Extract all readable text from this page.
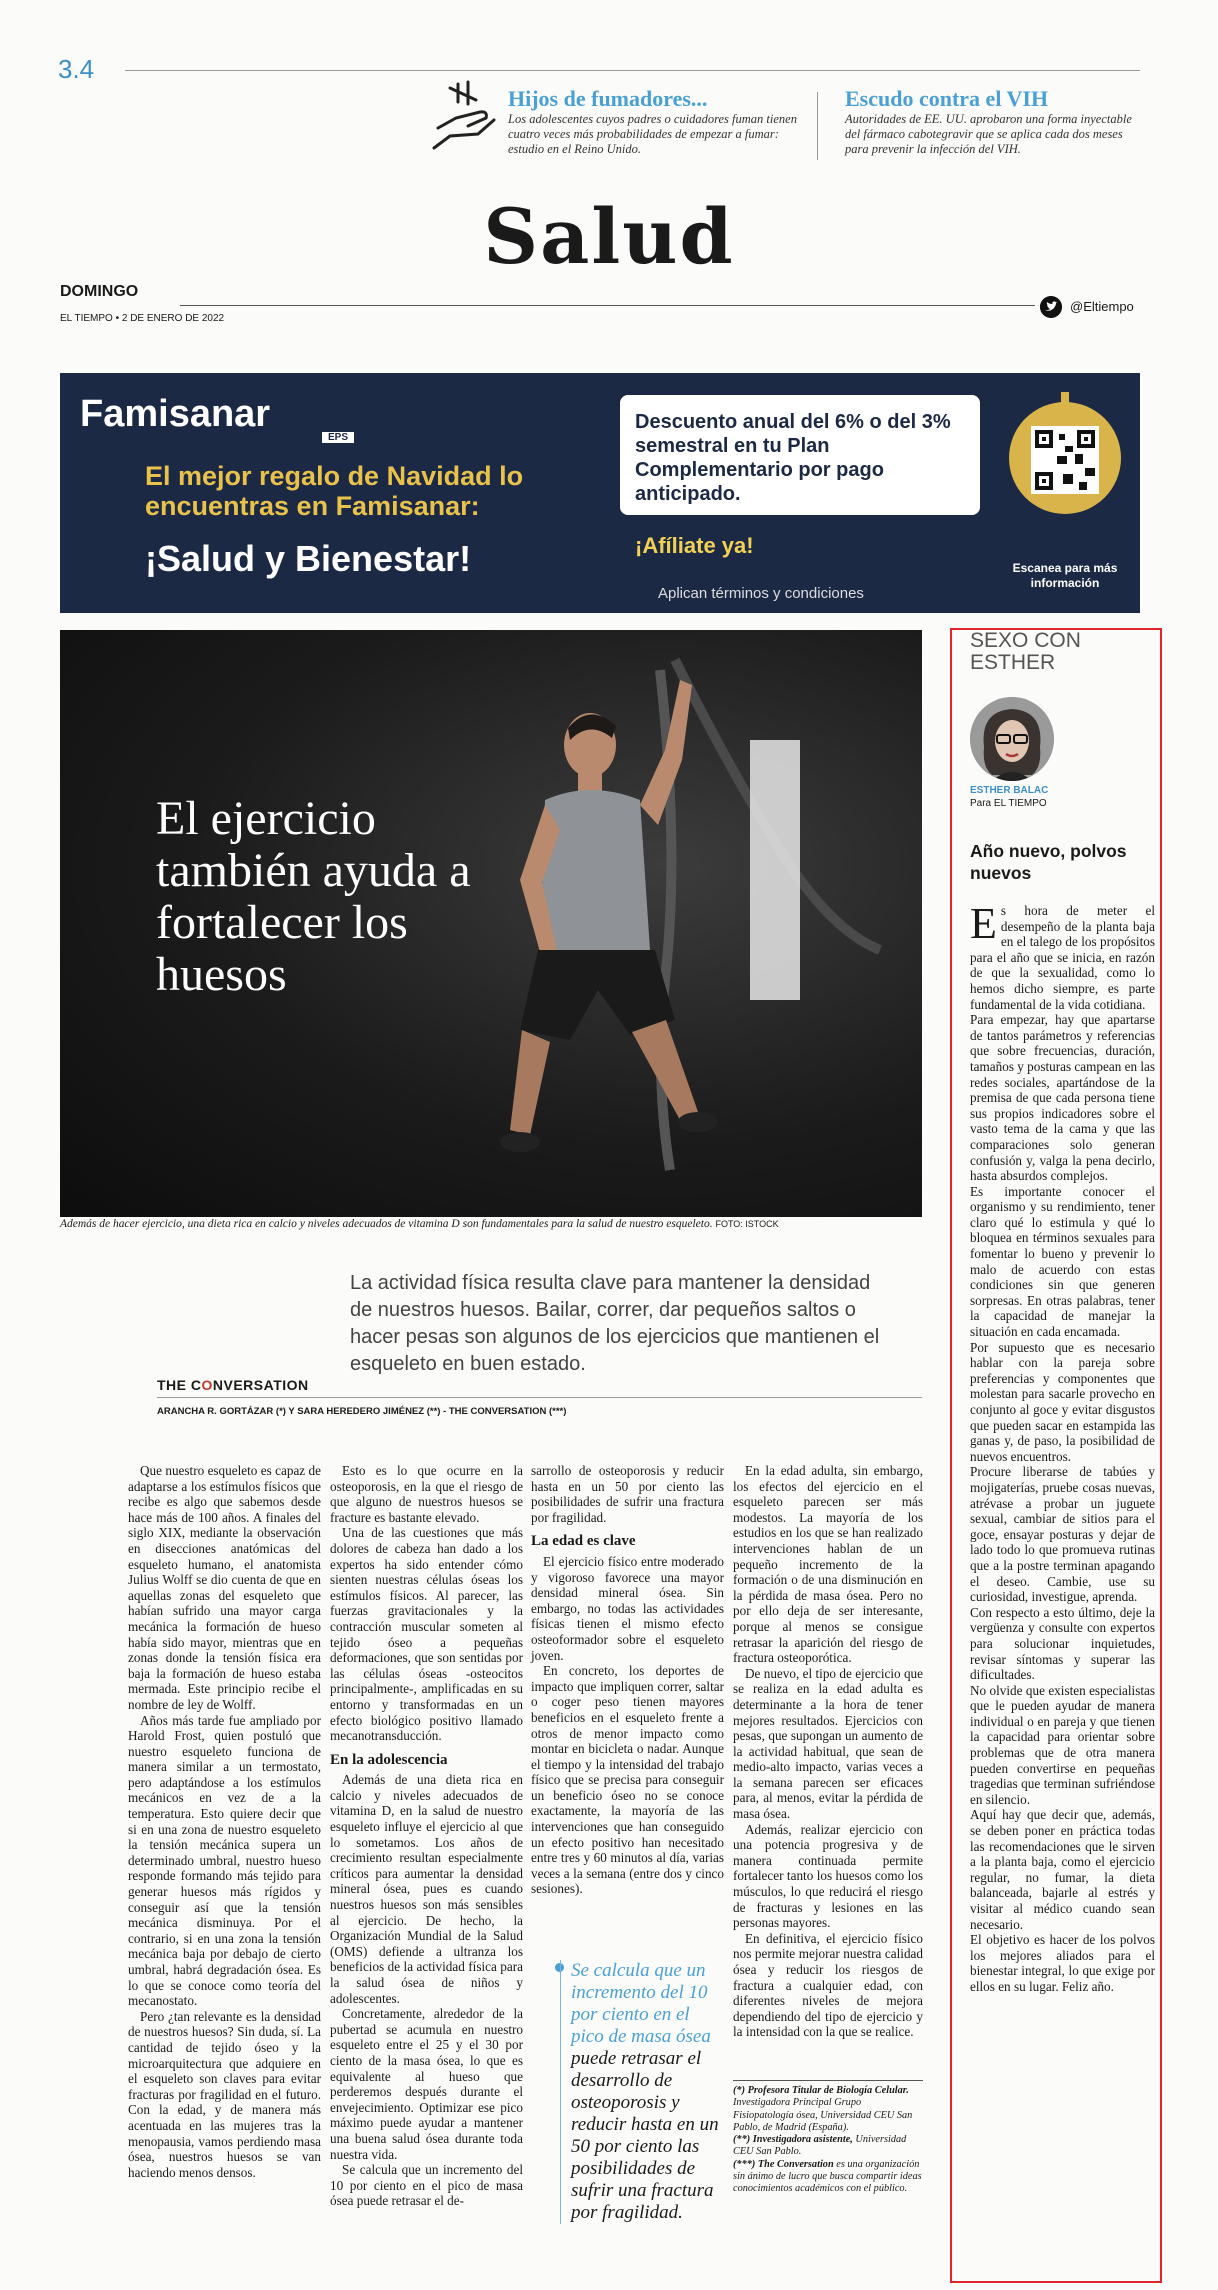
3.4
Hijos de fumadores...
Los adolescentes cuyos padres o cuidadores fuman tienen cuatro veces más probabilidades de empezar a fumar: estudio en el Reino Unido.
Escudo contra el VIH
Autoridades de EE. UU. aprobaron una forma inyectable del fármaco cabotegravir que se aplica cada dos meses para prevenir la infección del VIH.
Salud
DOMINGO
EL TIEMPO • 2 DE ENERO DE 2022
@Eltiempo
Famisanar
EPS
El mejor regalo de Navidad lo encuentras en Famisanar:
¡Salud y Bienestar!
Descuento anual del 6% o del 3% semestral en tu Plan Complementario por pago anticipado.
¡Afíliate ya!
Aplican términos y condiciones
Escanea para más información
El ejercicio también ayuda a fortalecer los huesos
Además de hacer ejercicio, una dieta rica en calcio y niveles adecuados de vitamina D son fundamentales para la salud de nuestro esqueleto. FOTO: ISTOCK
La actividad física resulta clave para mantener la densidad de nuestros huesos. Bailar, correr, dar pequeños saltos o hacer pesas son algunos de los ejercicios que mantienen el esqueleto en buen estado.
THE CONVERSATION
ARANCHA R. GORTÁZAR (*) Y SARA HEREDERO JIMÉNEZ (**) - THE CONVERSATION (***)

Que nuestro esqueleto es capaz de adaptarse a los estímulos físicos que recibe es algo que sabemos desde hace más de 100 años. A finales del siglo XIX, mediante la observación en disecciones anatómicas del esqueleto humano, el anatomista Julius Wolff se dio cuenta de que en aquellas zonas del esqueleto que habían sufrido una mayor carga mecánica la formación de hueso había sido mayor, mientras que en zonas donde la tensión física era baja la formación de hueso estaba mermada. Este principio recibe el nombre de ley de Wolff.

Años más tarde fue ampliado por Harold Frost, quien postuló que nuestro esqueleto funciona de manera similar a un termostato, pero adaptándose a los estímulos mecánicos en vez de a la temperatura. Esto quiere decir que si en una zona de nuestro esqueleto la tensión mecánica supera un determinado umbral, nuestro hueso responde formando más tejido para generar huesos más rígidos y conseguir así que la tensión mecánica disminuya. Por el contrario, si en una zona la tensión mecánica baja por debajo de cierto umbral, habrá degradación ósea. Es lo que se conoce como teoría del mecanostato.

Pero ¿tan relevante es la densidad de nuestros huesos? Sin duda, sí. La cantidad de tejido óseo y la microarquitectura que adquiere en el esqueleto son claves para evitar fracturas por fragilidad en el futuro. Con la edad, y de manera más acentuada en las mujeres tras la menopausia, vamos perdiendo masa ósea, nuestros huesos se van haciendo menos densos.

Esto es lo que ocurre en la osteoporosis, en la que el riesgo de que alguno de nuestros huesos se fracture es bastante elevado.

Una de las cuestiones que más dolores de cabeza han dado a los expertos ha sido entender cómo sienten nuestras células óseas los estímulos físicos. Al parecer, las fuerzas gravitacionales y la contracción muscular someten al tejido óseo a pequeñas deformaciones, que son sentidas por las células óseas -osteocitos principalmente-, amplificadas en su entorno y transformadas en un efecto biológico positivo llamado mecanotransducción.

En la adolescencia

Además de una dieta rica en calcio y niveles adecuados de vitamina D, en la salud de nuestro esqueleto influye el ejercicio al que lo sometamos. Los años de crecimiento resultan especialmente críticos para aumentar la densidad mineral ósea, pues es cuando nuestros huesos son más sensibles al ejercicio. De hecho, la Organización Mundial de la Salud (OMS) defiende a ultranza los beneficios de la actividad física para la salud ósea de niños y adolescentes.

Concretamente, alrededor de la pubertad se acumula en nuestro esqueleto entre el 25 y el 30 por ciento de la masa ósea, lo que es equivalente al hueso que perderemos después durante el envejecimiento. Optimizar ese pico máximo puede ayudar a mantener una buena salud ósea durante toda nuestra vida.

Se calcula que un incremento del 10 por ciento en el pico de masa ósea puede retrasar el de-

sarrollo de osteoporosis y reducir hasta en un 50 por ciento las posibilidades de sufrir una fractura por fragilidad.

La edad es clave

El ejercicio físico entre moderado y vigoroso favorece una mayor densidad mineral ósea. Sin embargo, no todas las actividades físicas tienen el mismo efecto osteoformador sobre el esqueleto joven.

En concreto, los deportes de impacto que impliquen correr, saltar o coger peso tienen mayores beneficios en el esqueleto frente a otros de menor impacto como montar en bicicleta o nadar. Aunque el tiempo y la intensidad del trabajo físico que se precisa para conseguir un beneficio óseo no se conoce exactamente, la mayoría de las intervenciones que han conseguido un efecto positivo han necesitado entre tres y 60 minutos al día, varias veces a la semana (entre dos y cinco sesiones).

Se calcula que un incremento del 10 por ciento en el pico de masa ósea puede retrasar el desarrollo de osteoporosis y reducir hasta en un 50 por ciento las posibilidades de sufrir una fractura por fragilidad.

En la edad adulta, sin embargo, los efectos del ejercicio en el esqueleto parecen ser más modestos. La mayoría de los estudios en los que se han realizado intervenciones hablan de un pequeño incremento de la formación o de una disminución en la pérdida de masa ósea. Pero no por ello deja de ser interesante, porque al menos se consigue retrasar la aparición del riesgo de fractura osteoporótica.

De nuevo, el tipo de ejercicio que se realiza en la edad adulta es determinante a la hora de tener mejores resultados. Ejercicios con pesas, que supongan un aumento de la actividad habitual, que sean de medio-alto impacto, varias veces a la semana parecen ser eficaces para, al menos, evitar la pérdida de masa ósea.

Además, realizar ejercicio con una potencia progresiva y de manera continuada permite fortalecer tanto los huesos como los músculos, lo que reducirá el riesgo de fracturas y lesiones en las personas mayores.

En definitiva, el ejercicio físico nos permite mejorar nuestra calidad ósea y reducir los riesgos de fractura a cualquier edad, con diferentes niveles de mejora dependiendo del tipo de ejercicio y la intensidad con la que se realice.

(*) Profesora Titular de Biología Celular. Investigadora Principal Grupo Fisiopatología ósea, Universidad CEU San Pablo, de Madrid (España).
(**) Investigadora asistente, Universidad CEU San Pablo.
(***) The Conversation es una organización sin ánimo de lucro que busca compartir ideas conocimientos académicos con el público.
SEXO CON ESTHER
ESTHER BALAC
Para EL TIEMPO
Año nuevo, polvos nuevos
Es hora de meter el desempeño de la planta baja en el talego de los propósitos para el año que se inicia, en razón de que la sexualidad, como lo hemos dicho siempre, es parte fundamental de la vida cotidiana.
Para empezar, hay que apartarse de tantos parámetros y referencias que sobre frecuencias, duración, tamaños y posturas campean en las redes sociales, apartándose de la premisa de que cada persona tiene sus propios indicadores sobre el vasto tema de la cama y que las comparaciones solo generan confusión y, valga la pena decirlo, hasta absurdos complejos.
Es importante conocer el organismo y su rendimiento, tener claro qué lo estimula y qué lo bloquea en términos sexuales para fomentar lo bueno y prevenir lo malo de acuerdo con estas condiciones sin que generen sorpresas. En otras palabras, tener la capacidad de manejar la situación en cada encamada.
Por supuesto que es necesario hablar con la pareja sobre preferencias y componentes que molestan para sacarle provecho en conjunto al goce y evitar disgustos que pueden sacar en estampida las ganas y, de paso, la posibilidad de nuevos encuentros.
Procure liberarse de tabúes y mojigaterías, pruebe cosas nuevas, atrévase a probar un juguete sexual, cambiar de sitios para el goce, ensayar posturas y dejar de lado todo lo que promueva rutinas que a la postre terminan apagando el deseo. Cambie, use su curiosidad, investigue, aprenda.
Con respecto a esto último, deje la vergüenza y consulte con expertos para solucionar inquietudes, revisar síntomas y superar las dificultades.
No olvide que existen especialistas que le pueden ayudar de manera individual o en pareja y que tienen la capacidad para orientar sobre problemas que de otra manera pueden convertirse en pequeñas tragedias que terminan sufriéndose en silencio.
Aquí hay que decir que, además, se deben poner en práctica todas las recomendaciones que le sirven a la planta baja, como el ejercicio regular, no fumar, la dieta balanceada, bajarle al estrés y visitar al médico cuando sean necesario.
El objetivo es hacer de los polvos los mejores aliados para el bienestar integral, lo que exige por ellos en su lugar. Feliz año.
